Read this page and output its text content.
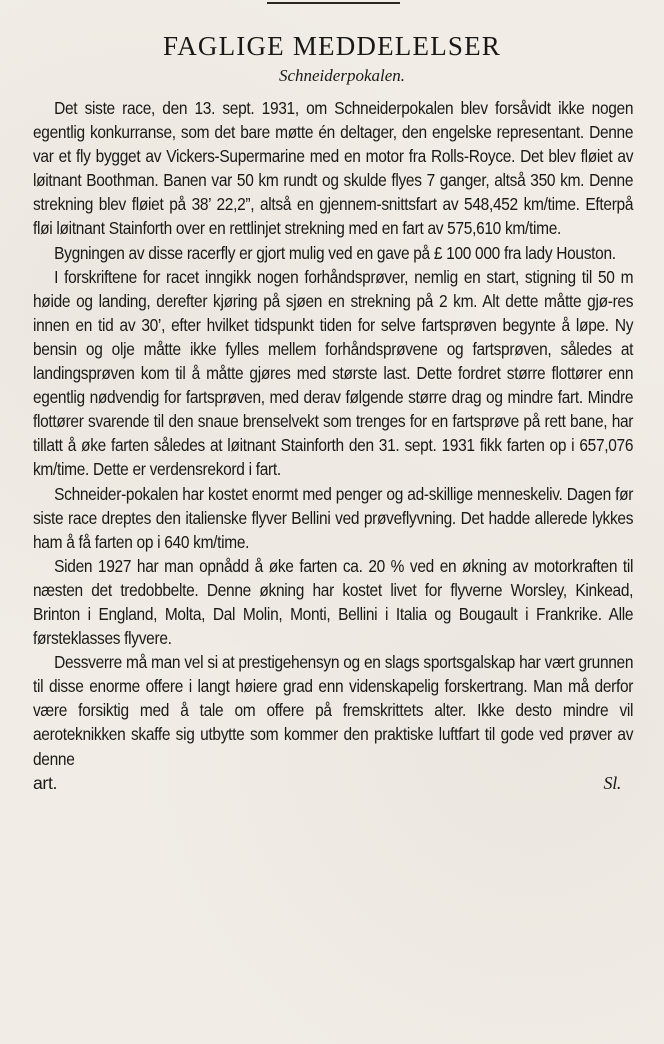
FAGLIGE MEDDELELSER
Schneiderpokalen.

Det siste race, den 13. sept. 1931, om Schneiderpokalen blev forsåvidt ikke nogen egentlig konkurranse, som det bare møtte én deltager, den engelske representant. Denne var et fly bygget av Vickers-Supermarine med en motor fra Rolls-Royce. Det blev fløiet av løitnant Boothman. Banen var 50 km rundt og skulde flyes 7 ganger, altså 350 km. Denne strekning blev fløiet på 38’ 22,2”, altså en gjennem-snittsfart av 548,452 km/time. Efterpå fløi løitnant Stainforth over en rettlinjet strekning med en fart av 575,610 km/time.

Bygningen av disse racerfly er gjort mulig ved en gave på £ 100 000 fra lady Houston.

I forskriftene for racet inngikk nogen forhåndsprøver, nemlig en start, stigning til 50 m høide og landing, derefter kjøring på sjøen en strekning på 2 km. Alt dette måtte gjø-res innen en tid av 30’, efter hvilket tidspunkt tiden for selve fartsprøven begynte å løpe. Ny bensin og olje måtte ikke fylles mellem forhåndsprøvene og fartsprøven, således at landingsprøven kom til å måtte gjøres med største last. Dette fordret større flottører enn egentlig nødvendig for fartsprøven, med derav følgende større drag og mindre fart. Mindre flottører svarende til den snaue brenselvekt som trenges for en fartsprøve på rett bane, har tillatt å øke farten således at løitnant Stainforth den 31. sept. 1931 fikk farten op i 657,076 km/time. Dette er verdensrekord i fart.

Schneider-pokalen har kostet enormt med penger og ad-skillige menneskeliv. Dagen før siste race dreptes den italienske flyver Bellini ved prøveflyvning. Det hadde allerede lykkes ham å få farten op i 640 km/time.

Siden 1927 har man opnådd å øke farten ca. 20 % ved en økning av motorkraften til næsten det tredobbelte. Denne økning har kostet livet for flyverne Worsley, Kinkead, Brinton i England, Molta, Dal Molin, Monti, Bellini i Italia og Bougault i Frankrike. Alle førsteklasses flyvere.

Dessverre må man vel si at prestigehensyn og en slags sportsgalskap har vært grunnen til disse enorme offere i langt høiere grad enn videnskapelig forskertrang. Man må derfor være forsiktig med å tale om offere på fremskrittets alter. Ikke desto mindre vil aeroteknikken skaffe sig utbytte som kommer den praktiske luftfart til gode ved prøver av denne

art.	Sl.
